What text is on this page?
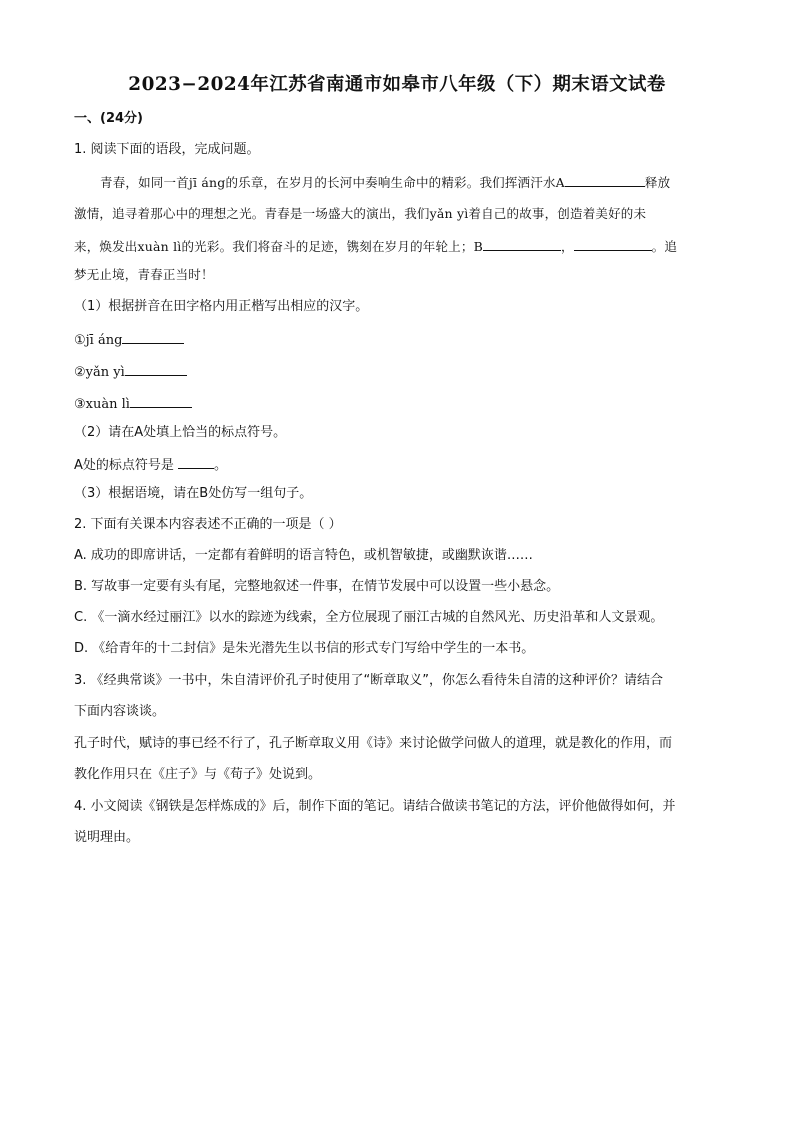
2023−2024年江苏省南通市如皋市八年级（下）期末语文试卷
一、(24分)
1. 阅读下面的语段，完成问题。
青春，如同一首jī áng的乐章，在岁月的长河中奏响生命中的精彩。我们挥洒汗水A	释放
激情，追寻着那心中的理想之光。青春是一场盛大的演出，我们yǎn yì着自己的故事，创造着美好的未
来，焕发出xuàn lì的光彩。我们将奋斗的足迹，镌刻在岁月的年轮上；B	，	。追
梦无止境，青春正当时！
（1）根据拼音在田字格内用正楷写出相应的汉字。
①jī áng
②yǎn yì
③xuàn lì
（2）请在A处填上恰当的标点符号。
A处的标点符号是	。
（3）根据语境，请在B处仿写一组句子。
2. 下面有关课本内容表述不正确的一项是（ ）
A. 成功的即席讲话，一定都有着鲜明的语言特色，或机智敏捷，或幽默诙谐……
B. 写故事一定要有头有尾，完整地叙述一件事，在情节发展中可以设置一些小悬念。
C. 《一滴水经过丽江》以水的踪迹为线索，全方位展现了丽江古城的自然风光、历史沿革和人文景观。
D. 《给青年的十二封信》是朱光潜先生以书信的形式专门写给中学生的一本书。
3. 《经典常谈》一书中，朱自清评价孔子时使用了“断章取义”，你怎么看待朱自清的这种评价？请结合
下面内容谈谈。
孔子时代，赋诗的事已经不行了，孔子断章取义用《诗》来讨论做学问做人的道理，就是教化的作用，而
教化作用只在《庄子》与《荀子》处说到。
4. 小文阅读《钢铁是怎样炼成的》后，制作下面的笔记。请结合做读书笔记的方法，评价他做得如何，并
说明理由。
